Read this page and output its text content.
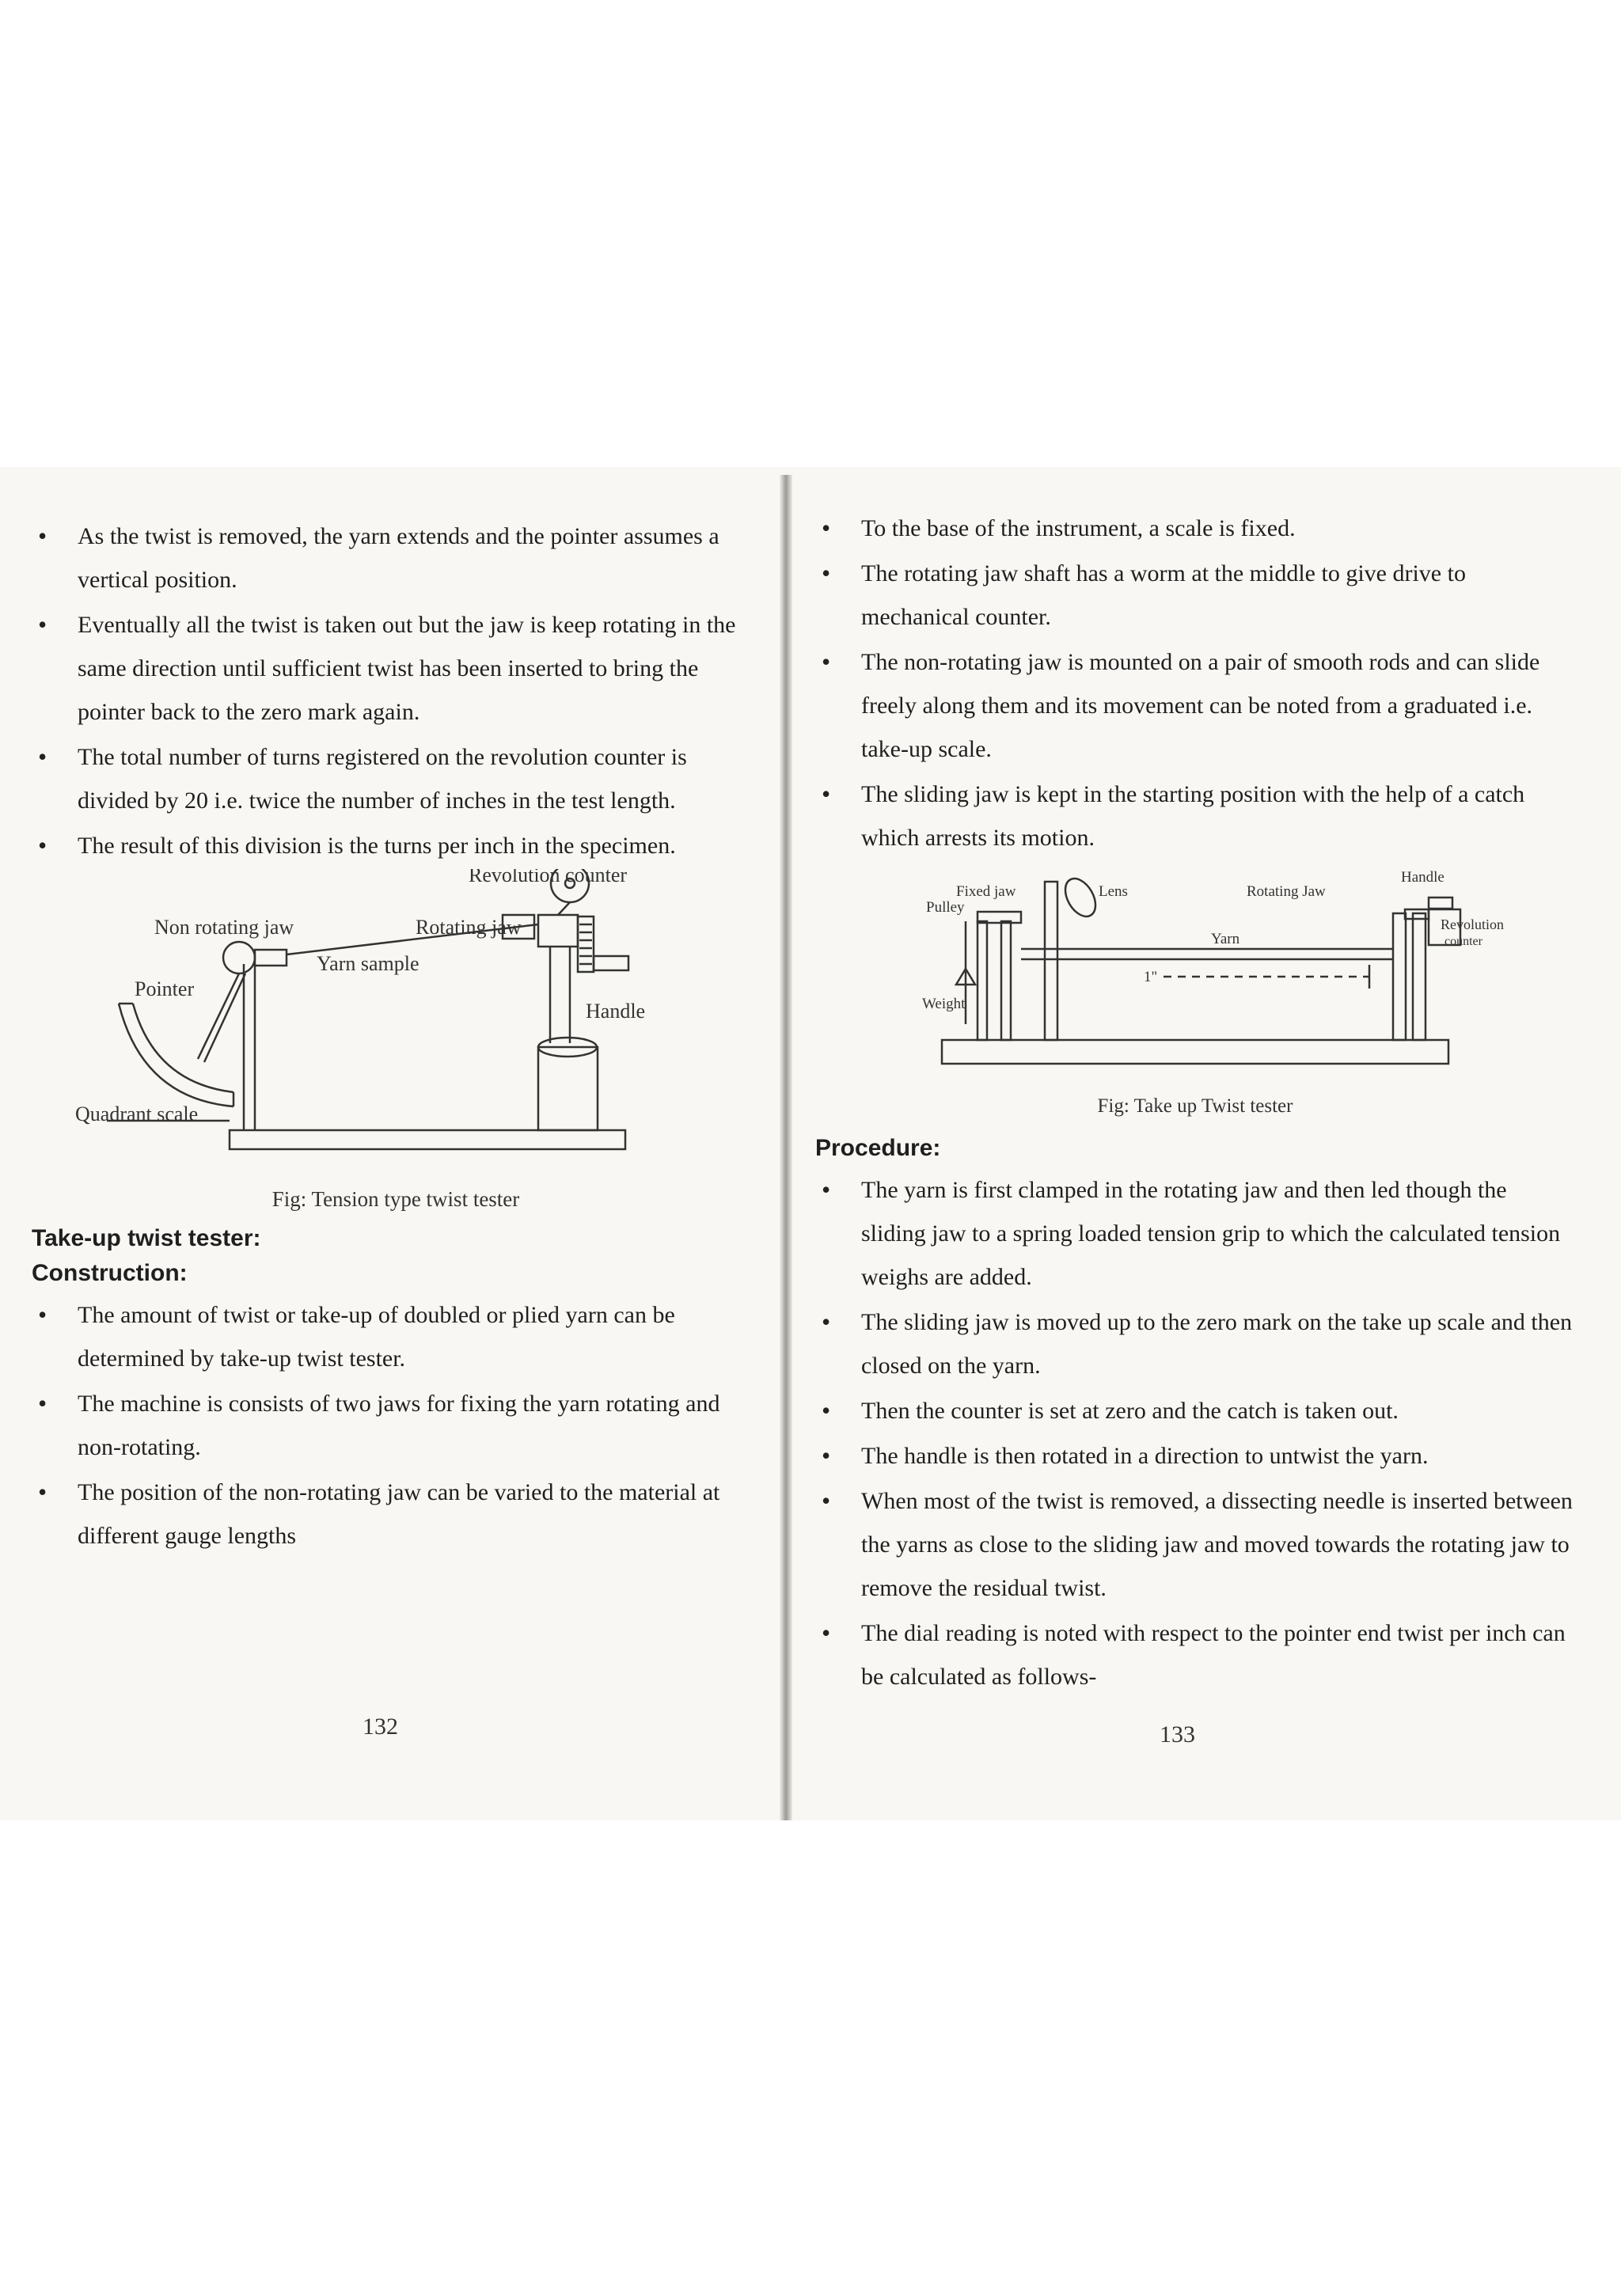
• As the twist is removed, the yarn extends and the pointer assumes a vertical position.
• Eventually all the twist is taken out but the jaw is keep rotating in the same direction until sufficient twist has been inserted to bring the pointer back to the zero mark again.
• The total number of turns registered on the revolution counter is divided by 20 i.e. twice the number of inches in the test length.
• The result of this division is the turns per inch in the specimen.
Revolution counter
Non rotating jaw	Rotating jaw
Yarn sample
Pointer
Handle
Quadrant scale
Fig: Tension type twist tester
Take-up twist tester:
Construction:
• The amount of twist or take-up of doubled or plied yarn can be determined by take-up twist tester.
• The machine is consists of two jaws for fixing the yarn rotating and non-rotating.
• The position of the non-rotating jaw can be varied to the material at different gauge lengths
132
• To the base of the instrument, a scale is fixed.
• The rotating jaw shaft has a worm at the middle to give drive to mechanical counter.
• The non-rotating jaw is mounted on a pair of smooth rods and can slide freely along them and its movement can be noted from a graduated i.e. take-up scale.
• The sliding jaw is kept in the starting position with the help of a catch which arrests its motion.
Fixed jaw
Pulley
Lens	Rotating Jaw
Handle
Yarn
1"
Revolution
counter
Weight
Fig: Take up Twist tester
Procedure:
• The yarn is first clamped in the rotating jaw and then led though the sliding jaw to a spring loaded tension grip to which the calculated tension weighs are added.
• The sliding jaw is moved up to the zero mark on the take up scale and then closed on the yarn.
• Then the counter is set at zero and the catch is taken out.
• The handle is then rotated in a direction to untwist the yarn.
• When most of the twist is removed, a dissecting needle is inserted between the yarns as close to the sliding jaw and moved towards the rotating jaw to remove the residual twist.
• The dial reading is noted with respect to the pointer end twist per inch can be calculated as follows-
133
